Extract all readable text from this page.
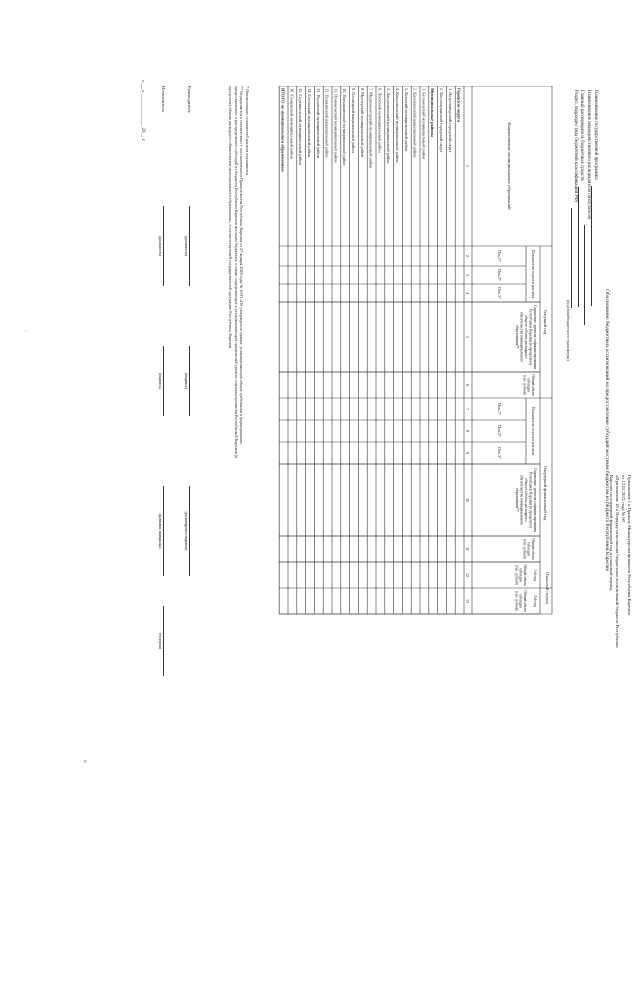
Приложение 1 к Приказу Министерства финансов Республики Карелия
от 12.02.2021 года № 60
«Приложение 18 к Порядку исполнения бюджетных ассигнований бюджета Республики
Карелия на очередной финансовый год и плановый период
Обоснование бюджетных ассигнований на предоставление субсидий местным бюджетам из бюджета Республики Карелия
Наименование государственной программы
Наименование подведомственного распорядителя (получателя)
Главный распорядитель бюджетных средств
Раздел, подраздел (код бюджетной классификации РФ)
(вид межбюджетного трансферта)
Наименование муниципальных образований
Текущий год
Очередной финансовый год
Плановый период
Показатели оценки расчета
Показатели оценки расчета
Справочно: уровень софинансирования
Республики Карелия (в процентах)
общего объема расходного
обязательства муниципального
образования**
Справочно: уровень софинансирования
Республики Карелия (в процентах)
общего объема расходного
обязательства муниципального
образования**
Общий объем
субсидии
(тыс. рублей)
Общий объем
субсидии
(тыс. рублей)
1-й год
2-й год
Общий объем
субсидии
(тыс. рублей)
Общий объем
субсидии
(тыс. рублей)
Пок.1*
Пок.2*
Пок.3*
Пок.1*
Пок.2*
Пок.3*
1
2
3
4
5
6
7
8
9
10
11
12
13
Городские округа
1. Петрозаводский городской округ
2. Костомукшский городской округ
Муниципальные районы
1. Беломорский муниципальный район
2. Калевальский национальный район
3. Кемский муниципальный район
4. Кондопожский муниципальный район
5. Лахденпохский муниципальный район
6. Лоухский муниципальный район
7. Медвежьегорский муниципальный район
8. Муезерский муниципальный район
9. Олонецкий национальный район
10. Питкярантский муниципальный район
11. Прионежский муниципальный район
12. Пряжинский национальный район
13. Пудожский муниципальный район
14. Сегежский муниципальный район
15. Сортавальский муниципальный район
16. Суоярвский муниципальный район
ИТОГО по муниципальным образованиям
* Наименование показателей расчета указывается
** Определяется в соответствии с постановлением Правительства Республики Карелия от 27 января 2020 года № 10-П «Об утверждении правил, устанавливающих общие требования к формированию,
предоставлению и распределению субсидий из бюджета Республики Карелия местным бюджетам, а также определяющих и устанавливающих предельный уровень софинансирования Республикой Карелия (в
процентах) объема расходного обязательства муниципального образования», в соответствующей государственной программе Республики Карелия
Руководитель
(должность)
(подпись)
(расшифровка подписи)
Исполнитель
(должность)
(подпись)
(фамилия, инициалы)
(телефон)
«___» _____________ 20__ г.
»
·
